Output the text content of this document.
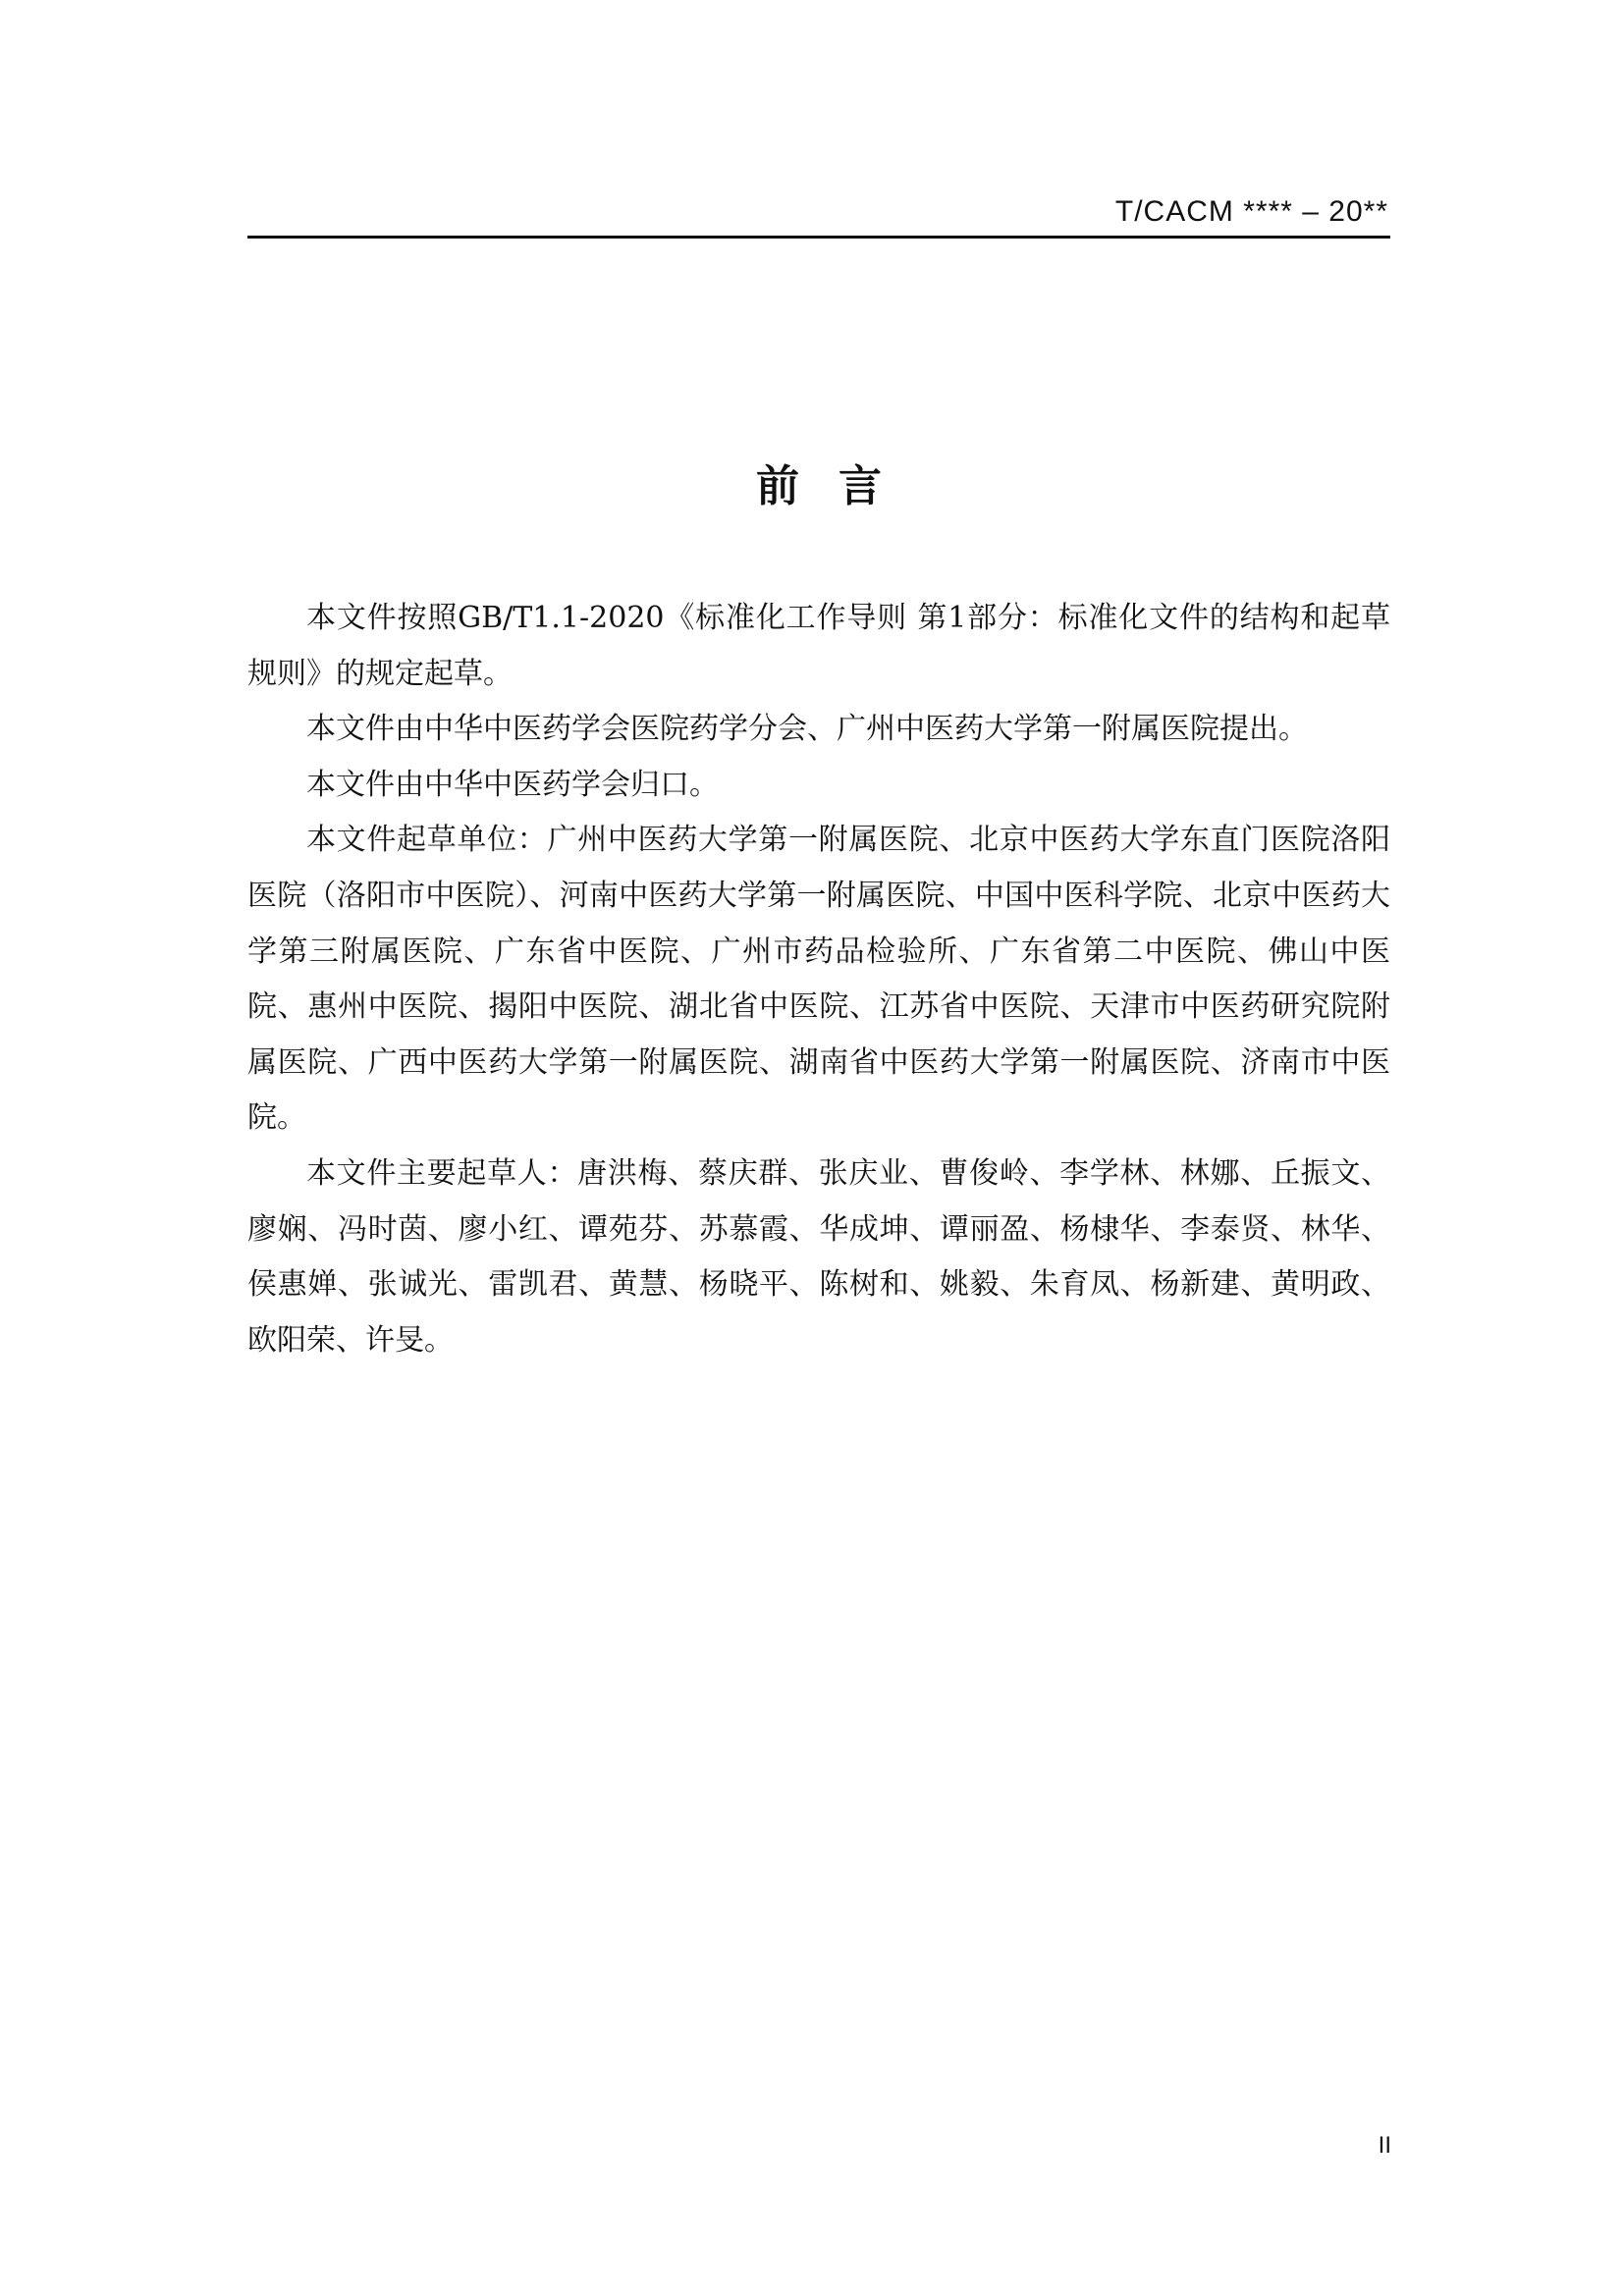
T/CACM **** – 20**
前言

本文件按照GB/T1.1-2020《标准化工作导则 第1部分：标准化文件的结构和起草规则》的规定起草。

本文件由中华中医药学会医院药学分会、广州中医药大学第一附属医院提出。

本文件由中华中医药学会归口。

本文件起草单位：广州中医药大学第一附属医院、北京中医药大学东直门医院洛阳医院（洛阳市中医院）、河南中医药大学第一附属医院、中国中医科学院、北京中医药大学第三附属医院、广东省中医院、广州市药品检验所、广东省第二中医院、佛山中医院、惠州中医院、揭阳中医院、湖北省中医院、江苏省中医院、天津市中医药研究院附属医院、广西中医药大学第一附属医院、湖南省中医药大学第一附属医院、济南市中医院。

本文件主要起草人：唐洪梅、蔡庆群、张庆业、曹俊岭、李学林、林娜、丘振文、廖娴、冯时茵、廖小红、谭苑芬、苏慕霞、华成坤、谭丽盈、杨棣华、李泰贤、林华、侯惠婵、张诚光、雷凯君、黄慧、杨晓平、陈树和、姚毅、朱育凤、杨新建、黄明政、欧阳荣、许旻。

II
